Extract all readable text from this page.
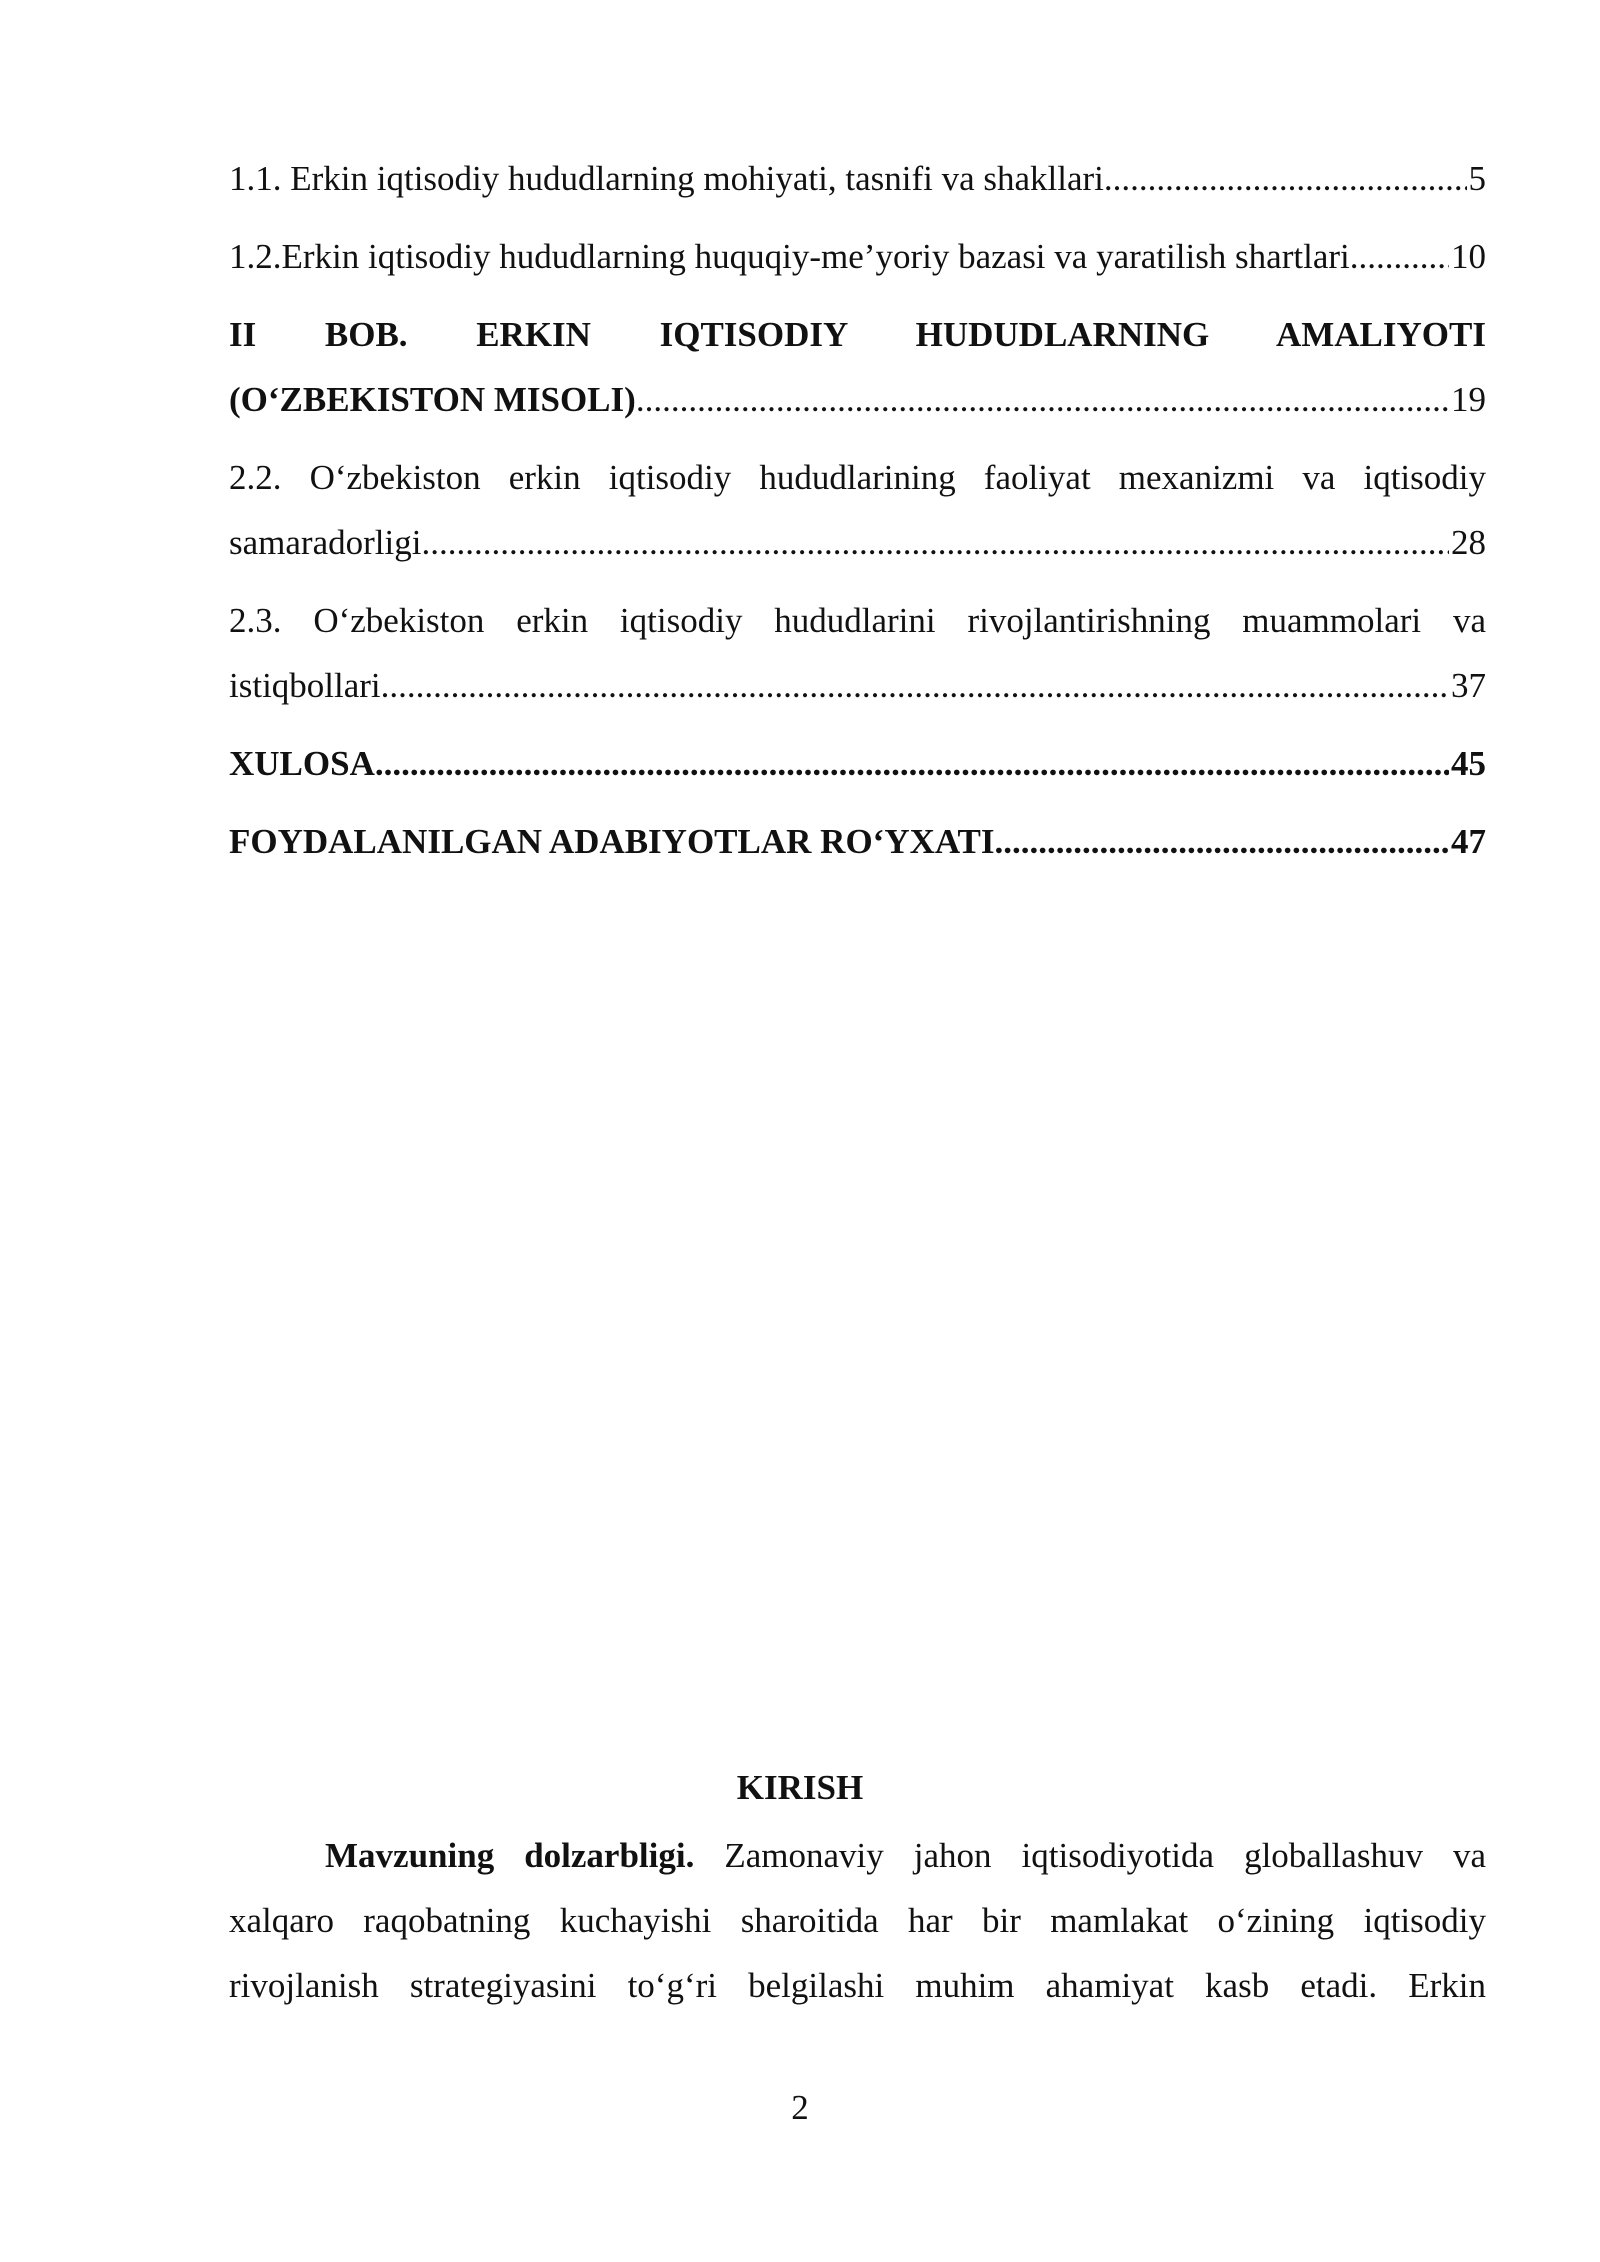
1.1. Erkin iqtisodiy hududlarning mohiyati, tasnifi va shakllari .....	5
1.2.Erkin iqtisodiy hududlarning huquqiy-me’yoriy bazasi va yaratilish shartlari. .....	10
II BOB. ERKIN IQTISODIY HUDUDLARNING AMALIYOTI
(O‘ZBEKISTON MISOLI) .....	19
2.2. O‘zbekiston erkin iqtisodiy hududlarining faoliyat mexanizmi va iqtisodiy
samaradorligi .....	28
2.3. O‘zbekiston erkin iqtisodiy hududlarini rivojlantirishning muammolari va
istiqbollari .....	37
XULOSA .....	45
FOYDALANILGAN ADABIYOTLAR RO‘YXATI .....	47
KIRISH
Mavzuning dolzarbligi. Zamonaviy jahon iqtisodiyotida globallashuv va
xalqaro raqobatning kuchayishi sharoitida har bir mamlakat o‘zining iqtisodiy
rivojlanish strategiyasini to‘g‘ri belgilashi muhim ahamiyat kasb etadi. Erkin
2
